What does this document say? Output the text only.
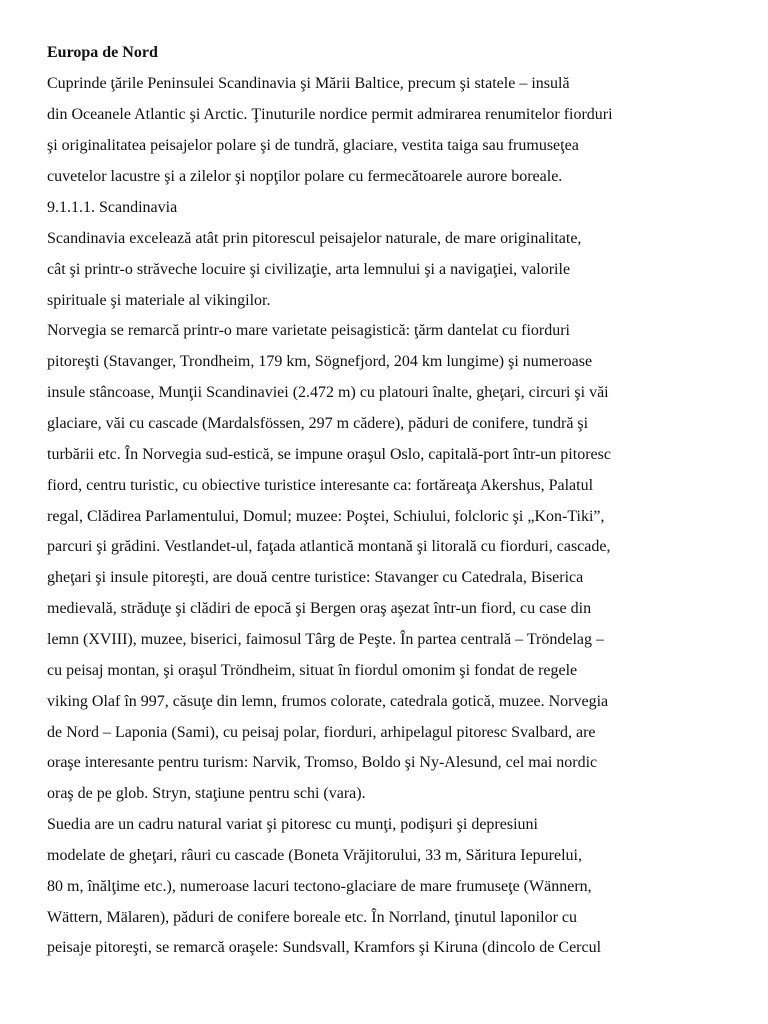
Europa de Nord
Cuprinde ţările Peninsulei Scandinavia şi Mării Baltice, precum şi statele – insulă
din Oceanele Atlantic şi Arctic. Ţinuturile nordice permit admirarea renumitelor fiorduri
şi originalitatea peisajelor polare şi de tundră, glaciare, vestita taiga sau frumuseţea
cuvetelor lacustre şi a zilelor şi nopţilor polare cu fermecătoarele aurore boreale.
9.1.1.1. Scandinavia
Scandinavia excelează atât prin pitorescul peisajelor naturale, de mare originalitate,
cât şi printr-o străveche locuire şi civilizaţie, arta lemnului şi a navigaţiei, valorile
spirituale şi materiale al vikingilor.
Norvegia se remarcă printr-o mare varietate peisagistică: ţărm dantelat cu fiorduri
pitoreşti (Stavanger, Trondheim, 179 km, Sögnefjord, 204 km lungime) şi numeroase
insule stâncoase, Munţii Scandinaviei (2.472 m) cu platouri înalte, gheţari, circuri şi văi
glaciare, văi cu cascade (Mardalsfössen, 297 m cădere), păduri de conifere, tundră şi
turbării etc. În Norvegia sud-estică, se impune oraşul Oslo, capitală-port într-un pitoresc
fiord, centru turistic, cu obiective turistice interesante ca: fortăreaţa Akershus, Palatul
regal, Clădirea Parlamentului, Domul; muzee: Poştei, Schiului, folcloric şi „Kon-Tiki”,
parcuri şi grădini. Vestlandet-ul, faţada atlantică montană şi litorală cu fiorduri, cascade,
gheţari şi insule pitoreşti, are două centre turistice: Stavanger cu Catedrala, Biserica
medievală, străduţe şi clădiri de epocă şi Bergen oraş aşezat într-un fiord, cu case din
lemn (XVIII), muzee, biserici, faimosul Târg de Peşte. În partea centrală – Tröndelag –
cu peisaj montan, şi oraşul Tröndheim, situat în fiordul omonim şi fondat de regele
viking Olaf în 997, căsuţe din lemn, frumos colorate, catedrala gotică, muzee. Norvegia
de Nord – Laponia (Sami), cu peisaj polar, fiorduri, arhipelagul pitoresc Svalbard, are
oraşe interesante pentru turism: Narvik, Tromso, Boldo şi Ny-Alesund, cel mai nordic
oraş de pe glob. Stryn, staţiune pentru schi (vara).
Suedia are un cadru natural variat şi pitoresc cu munţi, podişuri şi depresiuni
modelate de gheţari, râuri cu cascade (Boneta Vrăjitorului, 33 m, Săritura Iepurelui,
80 m, înălţime etc.), numeroase lacuri tectono-glaciare de mare frumuseţe (Wännern,
Wättern, Mälaren), păduri de conifere boreale etc. În Norrland, ţinutul laponilor cu
peisaje pitoreşti, se remarcă oraşele: Sundsvall, Kramfors şi Kiruna (dincolo de Cercul
